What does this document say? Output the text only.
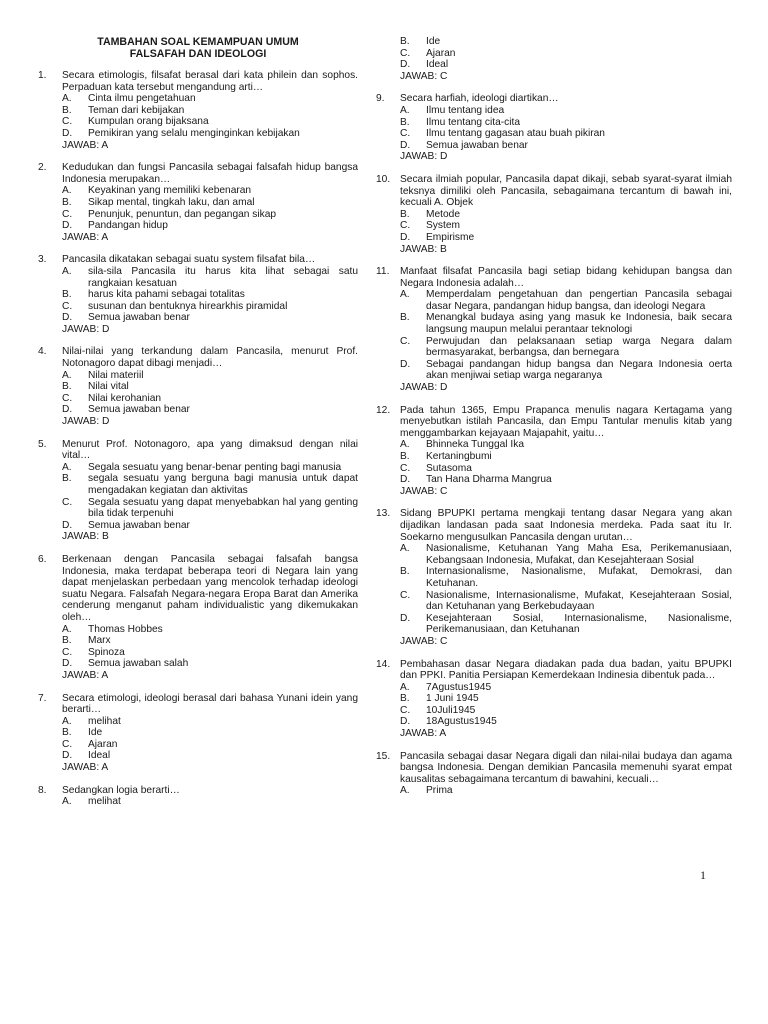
TAMBAHAN SOAL KEMAMPUAN UMUM

FALSAFAH DAN IDEOLOGI

1. Secara etimologis, filsafat berasal dari kata philein dan sophos. Perpaduan kata tersebut mengandung arti…
A.	Cinta ilmu pengetahuan
B.	Teman dari kebijakan
C.	Kumpulan orang bijaksana
D.	Pemikiran yang selalu menginginkan kebijakan
JAWAB: A
2. Kedudukan dan fungsi Pancasila sebagai falsafah hidup bangsa Indonesia merupakan…
A.	Keyakinan yang memiliki kebenaran
B.	Sikap mental, tingkah laku, dan amal
C.	Penunjuk, penuntun, dan pegangan sikap
D.	Pandangan hidup
JAWAB: A
3. Pancasila dikatakan sebagai suatu system filsafat bila…
A.	sila-sila Pancasila itu harus kita lihat sebagai satu rangkaian kesatuan
B.	harus kita pahami sebagai totalitas
C.	susunan dan bentuknya hirearkhis piramidal
D.	Semua jawaban benar
JAWAB: D
4. Nilai-nilai yang terkandung dalam Pancasila, menurut Prof. Notonagoro dapat dibagi menjadi…
A.	Nilai materiil
B.	Nilai vital
C.	Nilai kerohanian
D.	Semua jawaban benar
JAWAB: D
5. Menurut Prof. Notonagoro, apa yang dimaksud dengan nilai vital…
A.	Segala sesuatu yang benar-benar penting bagi manusia
B.	segala sesuatu yang berguna bagi manusia untuk dapat mengadakan kegiatan dan aktivitas
C.	Segala sesuatu yang dapat menyebabkan hal yang genting bila tidak terpenuhi
D.	Semua jawaban benar
JAWAB: B
6. Berkenaan dengan Pancasila sebagai falsafah bangsa Indonesia, maka terdapat beberapa teori di Negara lain yang dapat menjelaskan perbedaan yang mencolok terhadap ideologi suatu Negara. Falsafah Negara-negara Eropa Barat dan Amerika cenderung menganut paham individualistic yang dikemukakan oleh…
A.	Thomas Hobbes
B.	Marx
C.	Spinoza
D.	Semua jawaban salah
JAWAB: A
7. Secara etimologi, ideologi berasal dari bahasa Yunani idein yang berarti…
A.	melihat
B.	Ide
C.	Ajaran
D.	Ideal
JAWAB: A
8. Sedangkan logia berarti…
A.	melihat
B.	Ide
C.	Ajaran
D.	Ideal
JAWAB: C
9. Secara harfiah, ideologi diartikan…
A.	Ilmu tentang idea
B.	Ilmu tentang cita-cita
C.	Ilmu tentang gagasan atau buah pikiran
D.	Semua jawaban benar
JAWAB: D
10. Secara ilmiah popular, Pancasila dapat dikaji, sebab syarat-syarat ilmiah teksnya dimiliki oleh Pancasila, sebagaimana tercantum di bawah ini, kecuali A. Objek
B.	Metode
C.	System
D.	Empirisme
JAWAB: B
11. Manfaat filsafat Pancasila bagi setiap bidang kehidupan bangsa dan Negara Indonesia adalah…
A.	Memperdalam pengetahuan dan pengertian Pancasila sebagai dasar Negara, pandangan hidup bangsa, dan ideologi Negara
B.	Menangkal budaya asing yang masuk ke Indonesia, baik secara langsung maupun melalui perantaar teknologi
C.	Perwujudan dan pelaksanaan setiap warga Negara dalam bermasyarakat, berbangsa, dan bernegara
D.	Sebagai pandangan hidup bangsa dan Negara Indonesia oerta akan menjiwai setiap warga negaranya
JAWAB: D
12. Pada tahun 1365, Empu Prapanca menulis nagara Kertagama yang menyebutkan istilah Pancasila, dan Empu Tantular menulis kitab yang menggambarkan kejayaan Majapahit, yaitu…
A.	Bhinneka Tunggal Ika
B.	Kertaningbumi
C.	Sutasoma
D.	Tan Hana Dharma Mangrua
JAWAB: C
13. Sidang BPUPKI pertama mengkaji tentang dasar Negara yang akan dijadikan landasan pada saat Indonesia merdeka. Pada saat itu Ir. Soekarno mengusulkan Pancasila dengan urutan…
A.	Nasionalisme, Ketuhanan Yang Maha Esa, Perikemanusiaan, Kebangsaan Indonesia, Mufakat, dan Kesejahteraan Sosial
B.	Internasionalisme, Nasionalisme, Mufakat, Demokrasi, dan Ketuhanan.
C.	Nasionalisme, Internasionalisme, Mufakat, Kesejahteraan Sosial, dan Ketuhanan yang Berkebudayaan
D.	Kesejahteraan Sosial, Internasionalisme, Nasionalisme, Perikemanusiaan, dan Ketuhanan
JAWAB: C
14. Pembahasan dasar Negara diadakan pada dua badan, yaitu BPUPKI dan PPKI. Panitia Persiapan Kemerdekaan Indinesia dibentuk pada…
A.	7Agustus1945
B.	1 Juni 1945
C.	10Juli1945
D.	18Agustus1945
JAWAB: A
15. Pancasila sebagai dasar Negara digali dan nilai-nilai budaya dan agama bangsa Indonesia. Dengan demikian Pancasila memenuhi syarat empat kausalitas sebagaimana tercantum di bawahini, kecuali…
A.	Prima
1
